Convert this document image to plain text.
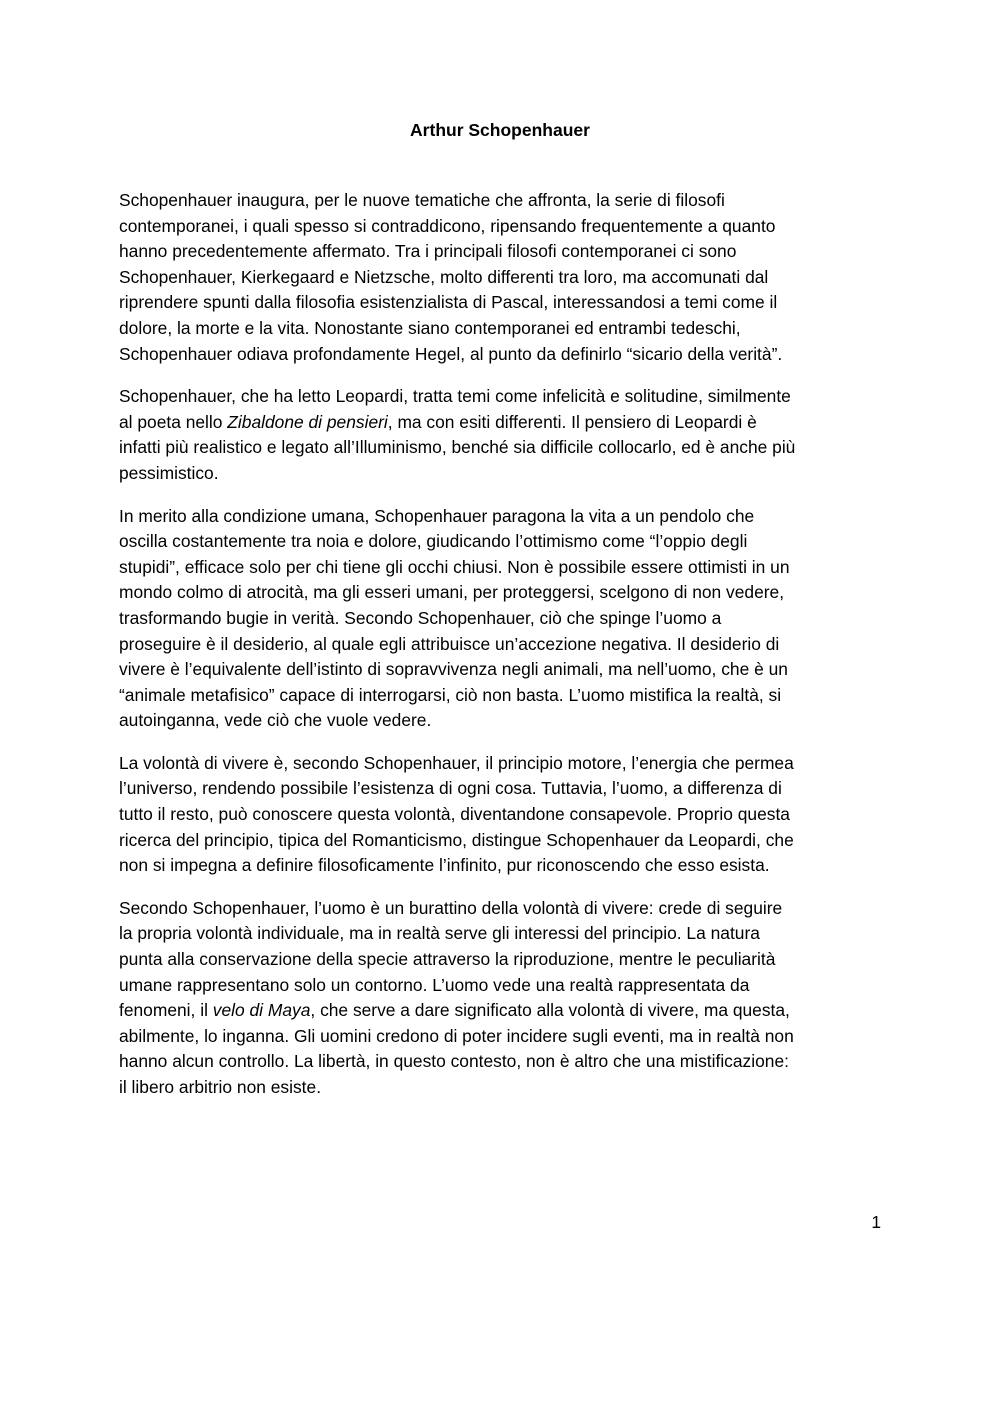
Arthur Schopenhauer

Schopenhauer inaugura, per le nuove tematiche che affronta, la serie di filosofi
contemporanei, i quali spesso si contraddicono, ripensando frequentemente a quanto
hanno precedentemente affermato. Tra i principali filosofi contemporanei ci sono
Schopenhauer, Kierkegaard e Nietzsche, molto differenti tra loro, ma accomunati dal
riprendere spunti dalla filosofia esistenzialista di Pascal, interessandosi a temi come il
dolore, la morte e la vita. Nonostante siano contemporanei ed entrambi tedeschi,
Schopenhauer odiava profondamente Hegel, al punto da definirlo “sicario della verità”.

Schopenhauer, che ha letto Leopardi, tratta temi come infelicità e solitudine, similmente
al poeta nello Zibaldone di pensieri, ma con esiti differenti. Il pensiero di Leopardi è
infatti più realistico e legato all’Illuminismo, benché sia difficile collocarlo, ed è anche più
pessimistico.

In merito alla condizione umana, Schopenhauer paragona la vita a un pendolo che
oscilla costantemente tra noia e dolore, giudicando l’ottimismo come “l’oppio degli
stupidi”, efficace solo per chi tiene gli occhi chiusi. Non è possibile essere ottimisti in un
mondo colmo di atrocità, ma gli esseri umani, per proteggersi, scelgono di non vedere,
trasformando bugie in verità. Secondo Schopenhauer, ciò che spinge l’uomo a
proseguire è il desiderio, al quale egli attribuisce un’accezione negativa. Il desiderio di
vivere è l’equivalente dell’istinto di sopravvivenza negli animali, ma nell’uomo, che è un
“animale metafisico” capace di interrogarsi, ciò non basta. L’uomo mistifica la realtà, si
autoinganna, vede ciò che vuole vedere.

La volontà di vivere è, secondo Schopenhauer, il principio motore, l’energia che permea
l’universo, rendendo possibile l’esistenza di ogni cosa. Tuttavia, l’uomo, a differenza di
tutto il resto, può conoscere questa volontà, diventandone consapevole. Proprio questa
ricerca del principio, tipica del Romanticismo, distingue Schopenhauer da Leopardi, che
non si impegna a definire filosoficamente l’infinito, pur riconoscendo che esso esista.

Secondo Schopenhauer, l’uomo è un burattino della volontà di vivere: crede di seguire
la propria volontà individuale, ma in realtà serve gli interessi del principio. La natura
punta alla conservazione della specie attraverso la riproduzione, mentre le peculiarità
umane rappresentano solo un contorno. L’uomo vede una realtà rappresentata da
fenomeni, il velo di Maya, che serve a dare significato alla volontà di vivere, ma questa,
abilmente, lo inganna. Gli uomini credono di poter incidere sugli eventi, ma in realtà non
hanno alcun controllo. La libertà, in questo contesto, non è altro che una mistificazione:
il libero arbitrio non esiste.

1
